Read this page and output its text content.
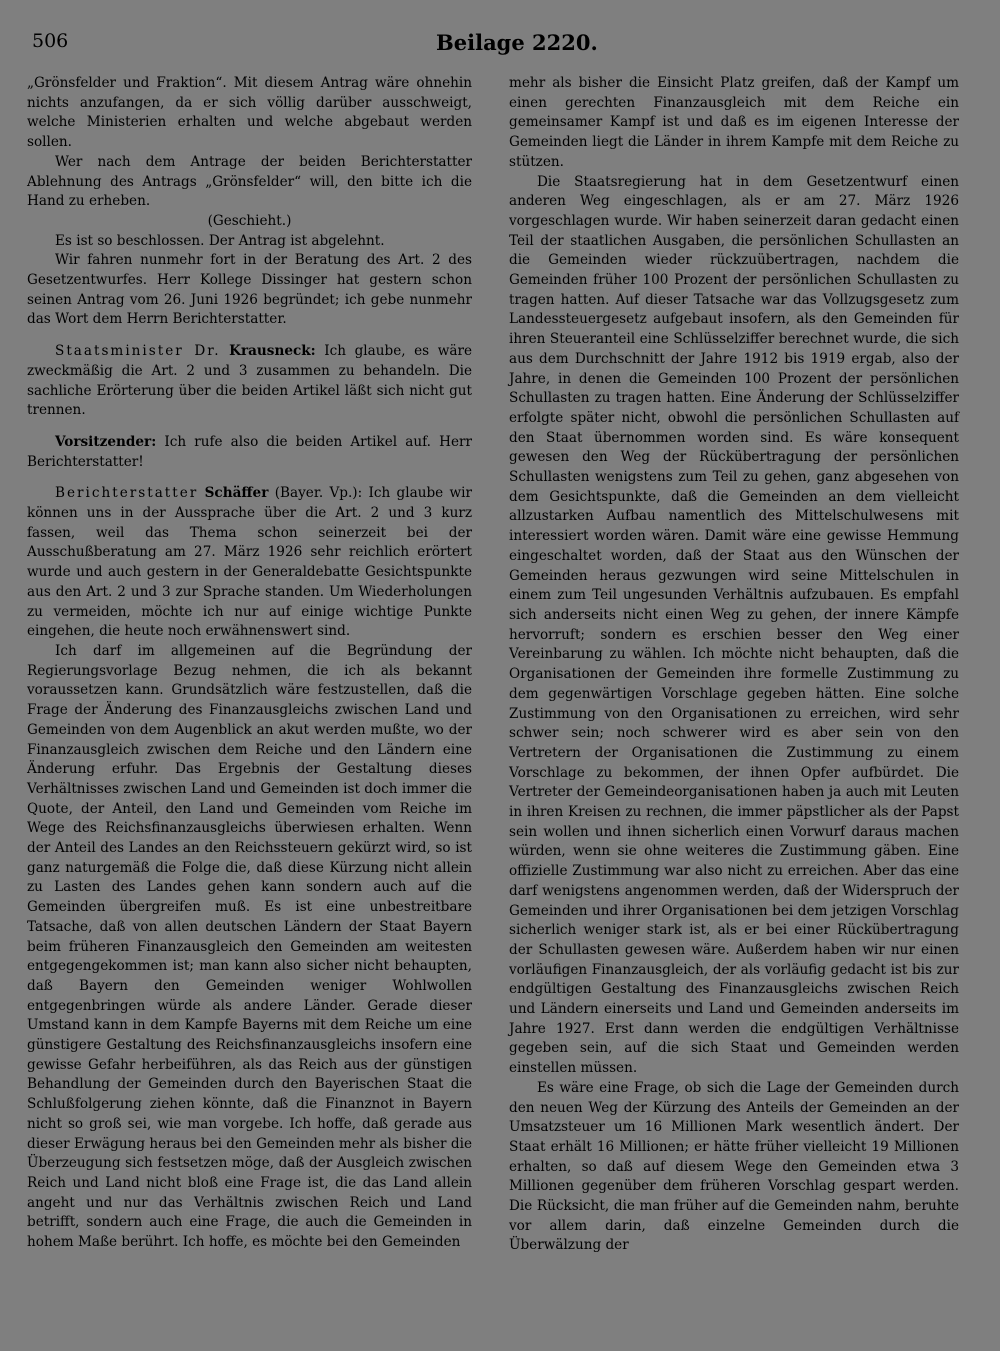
506	Beilage 2220.

„Grönsfelder und Fraktion“. Mit diesem Antrag wäre ohnehin nichts anzufangen, da er sich völlig darüber ausschweigt, welche Ministerien erhalten und welche abgebaut werden sollen.

Wer nach dem Antrage der beiden Berichterstatter Ablehnung des Antrags „Grönsfelder“ will, den bitte ich die Hand zu erheben.

(Geschieht.)

Es ist so beschlossen. Der Antrag ist abgelehnt.

Wir fahren nunmehr fort in der Beratung des Art. 2 des Gesetzentwurfes. Herr Kollege Dissinger hat gestern schon seinen Antrag vom 26. Juni 1926 begründet; ich gebe nunmehr das Wort dem Herrn Berichterstatter.

Staatsminister Dr. Krausneck: Ich glaube, es wäre zweckmäßig die Art. 2 und 3 zusammen zu behandeln. Die sachliche Erörterung über die beiden Artikel läßt sich nicht gut trennen.

Vorsitzender: Ich rufe also die beiden Artikel auf. Herr Berichterstatter!

Berichterstatter Schäffer (Bayer. Vp.): Ich glaube wir können uns in der Aussprache über die Art. 2 und 3 kurz fassen, weil das Thema schon seinerzeit bei der Ausschußberatung am 27. März 1926 sehr reichlich erörtert wurde und auch gestern in der Generaldebatte Gesichtspunkte aus den Art. 2 und 3 zur Sprache standen. Um Wiederholungen zu vermeiden, möchte ich nur auf einige wichtige Punkte eingehen, die heute noch erwähnenswert sind.

Ich darf im allgemeinen auf die Begründung der Regierungsvorlage Bezug nehmen, die ich als bekannt voraussetzen kann. Grundsätzlich wäre festzustellen, daß die Frage der Änderung des Finanzausgleichs zwischen Land und Gemeinden von dem Augenblick an akut werden mußte, wo der Finanzausgleich zwischen dem Reiche und den Ländern eine Änderung erfuhr. Das Ergebnis der Gestaltung dieses Verhältnisses zwischen Land und Gemeinden ist doch immer die Quote, der Anteil, den Land und Gemeinden vom Reiche im Wege des Reichsfinanzausgleichs überwiesen erhalten. Wenn der Anteil des Landes an den Reichssteuern gekürzt wird, so ist ganz naturgemäß die Folge die, daß diese Kürzung nicht allein zu Lasten des Landes gehen kann sondern auch auf die Gemeinden übergreifen muß. Es ist eine unbestreitbare Tatsache, daß von allen deutschen Ländern der Staat Bayern beim früheren Finanzausgleich den Gemeinden am weitesten entgegengekommen ist; man kann also sicher nicht behaupten, daß Bayern den Gemeinden weniger Wohlwollen entgegenbringen würde als andere Länder. Gerade dieser Umstand kann in dem Kampfe Bayerns mit dem Reiche um eine günstigere Gestaltung des Reichsfinanzausgleichs insofern eine gewisse Gefahr herbeiführen, als das Reich aus der günstigen Behandlung der Gemeinden durch den Bayerischen Staat die Schlußfolgerung ziehen könnte, daß die Finanznot in Bayern nicht so groß sei, wie man vorgebe. Ich hoffe, daß gerade aus dieser Erwägung heraus bei den Gemeinden mehr als bisher die Überzeugung sich festsetzen möge, daß der Ausgleich zwischen Reich und Land nicht bloß eine Frage ist, die das Land allein angeht und nur das Verhältnis zwischen Reich und Land betrifft, sondern auch eine Frage, die auch die Gemeinden in hohem Maße berührt. Ich hoffe, es möchte bei den Gemeinden

mehr als bisher die Einsicht Platz greifen, daß der Kampf um einen gerechten Finanzausgleich mit dem Reiche ein gemeinsamer Kampf ist und daß es im eigenen Interesse der Gemeinden liegt die Länder in ihrem Kampfe mit dem Reiche zu stützen.

Die Staatsregierung hat in dem Gesetzentwurf einen anderen Weg eingeschlagen, als er am 27. März 1926 vorgeschlagen wurde. Wir haben seinerzeit daran gedacht einen Teil der staatlichen Ausgaben, die persönlichen Schullasten an die Gemeinden wieder rückzuübertragen, nachdem die Gemeinden früher 100 Prozent der persönlichen Schullasten zu tragen hatten. Auf dieser Tatsache war das Vollzugsgesetz zum Landessteuergesetz aufgebaut insofern, als den Gemeinden für ihren Steueranteil eine Schlüsselziffer berechnet wurde, die sich aus dem Durchschnitt der Jahre 1912 bis 1919 ergab, also der Jahre, in denen die Gemeinden 100 Prozent der persönlichen Schullasten zu tragen hatten. Eine Änderung der Schlüsselziffer erfolgte später nicht, obwohl die persönlichen Schullasten auf den Staat übernommen worden sind. Es wäre konsequent gewesen den Weg der Rückübertragung der persönlichen Schullasten wenigstens zum Teil zu gehen, ganz abgesehen von dem Gesichtspunkte, daß die Gemeinden an dem vielleicht allzustarken Aufbau namentlich des Mittelschulwesens mit interessiert worden wären. Damit wäre eine gewisse Hemmung eingeschaltet worden, daß der Staat aus den Wünschen der Gemeinden heraus gezwungen wird seine Mittelschulen in einem zum Teil ungesunden Verhältnis aufzubauen. Es empfahl sich anderseits nicht einen Weg zu gehen, der innere Kämpfe hervorruft; sondern es erschien besser den Weg einer Vereinbarung zu wählen. Ich möchte nicht behaupten, daß die Organisationen der Gemeinden ihre formelle Zustimmung zu dem gegenwärtigen Vorschlage gegeben hätten. Eine solche Zustimmung von den Organisationen zu erreichen, wird sehr schwer sein; noch schwerer wird es aber sein von den Vertretern der Organisationen die Zustimmung zu einem Vorschlage zu bekommen, der ihnen Opfer aufbürdet. Die Vertreter der Gemeindeorganisationen haben ja auch mit Leuten in ihren Kreisen zu rechnen, die immer päpstlicher als der Papst sein wollen und ihnen sicherlich einen Vorwurf daraus machen würden, wenn sie ohne weiteres die Zustimmung gäben. Eine offizielle Zustimmung war also nicht zu erreichen. Aber das eine darf wenigstens angenommen werden, daß der Widerspruch der Gemeinden und ihrer Organisationen bei dem jetzigen Vorschlag sicherlich weniger stark ist, als er bei einer Rückübertragung der Schullasten gewesen wäre. Außerdem haben wir nur einen vorläufigen Finanzausgleich, der als vorläufig gedacht ist bis zur endgültigen Gestaltung des Finanzausgleichs zwischen Reich und Ländern einerseits und Land und Gemeinden anderseits im Jahre 1927. Erst dann werden die endgültigen Verhältnisse gegeben sein, auf die sich Staat und Gemeinden werden einstellen müssen.

Es wäre eine Frage, ob sich die Lage der Gemeinden durch den neuen Weg der Kürzung des Anteils der Gemeinden an der Umsatzsteuer um 16 Millionen Mark wesentlich ändert. Der Staat erhält 16 Millionen; er hätte früher vielleicht 19 Millionen erhalten, so daß auf diesem Wege den Gemeinden etwa 3 Millionen gegenüber dem früheren Vorschlag gespart werden. Die Rücksicht, die man früher auf die Gemeinden nahm, beruhte vor allem darin, daß einzelne Gemeinden durch die Überwälzung der
